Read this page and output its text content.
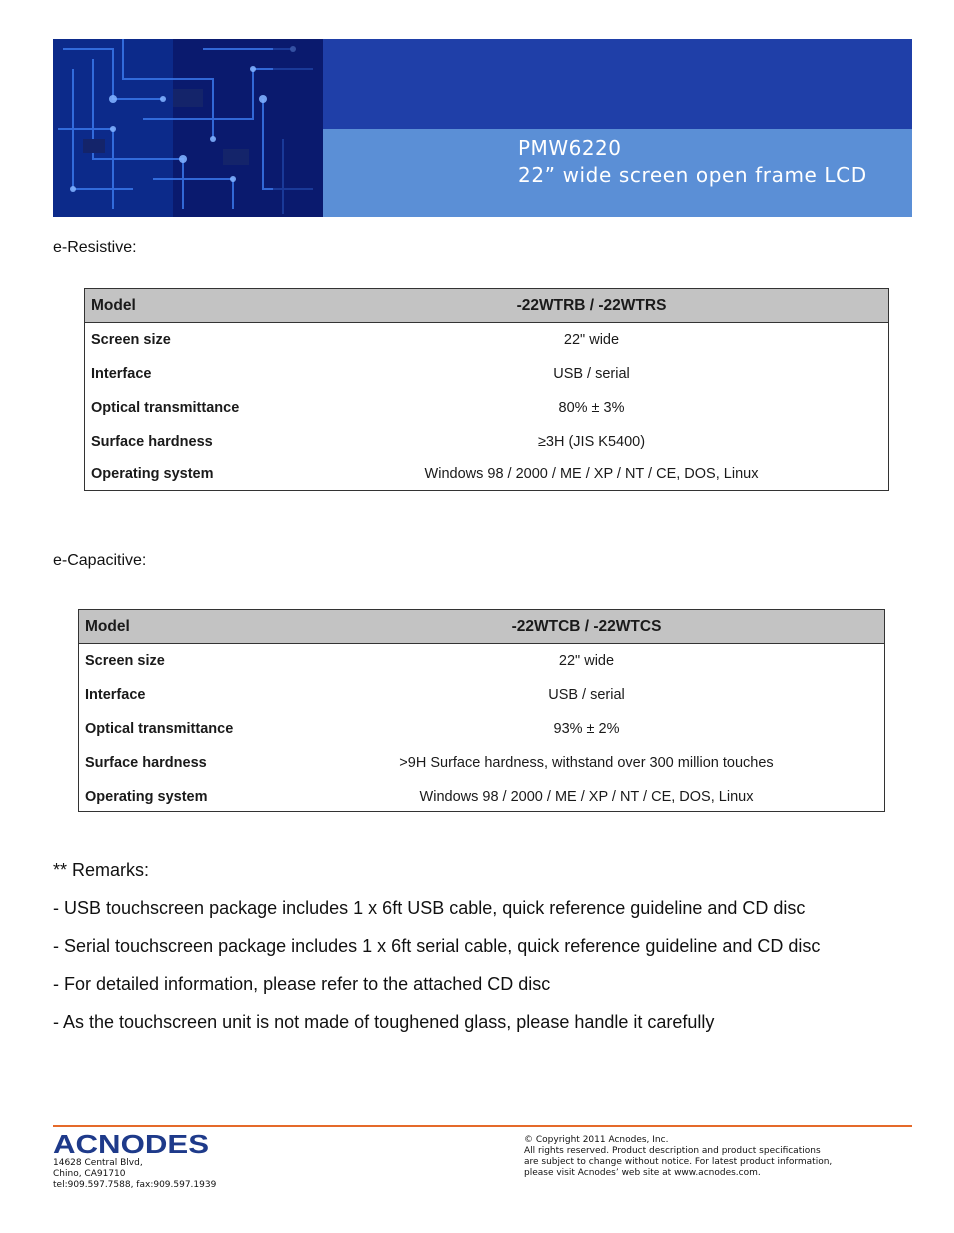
PMW6220
22” wide screen open frame LCD
e-Resistive:
Model	-22WTRB / -22WTRS
Screen size	22" wide
Interface	USB / serial
Optical transmittance	80% ± 3%
Surface hardness	≥3H (JIS K5400)
Operating system	Windows 98 / 2000 / ME / XP / NT / CE, DOS, Linux
e-Capacitive:
Model	-22WTCB / -22WTCS
Screen size	22" wide
Interface	USB / serial
Optical transmittance	93% ± 2%
Surface hardness	>9H Surface hardness, withstand over 300 million touches
Operating system	Windows 98 / 2000 / ME / XP / NT / CE, DOS, Linux

** Remarks:

- USB touchscreen package includes 1 x 6ft USB cable, quick reference guideline and CD disc

- Serial touchscreen package includes 1 x 6ft serial cable, quick reference guideline and CD disc

- For detailed information, please refer to the attached CD disc

- As the touchscreen unit is not made of toughened glass, please handle it carefully

ACNODES
14628 Central Blvd,
Chino, CA91710
tel:909.597.7588, fax:909.597.1939
© Copyright 2011 Acnodes, Inc.
All rights reserved. Product description and product specifications
are subject to change without notice. For latest product information,
please visit Acnodes’ web site at www.acnodes.com.
